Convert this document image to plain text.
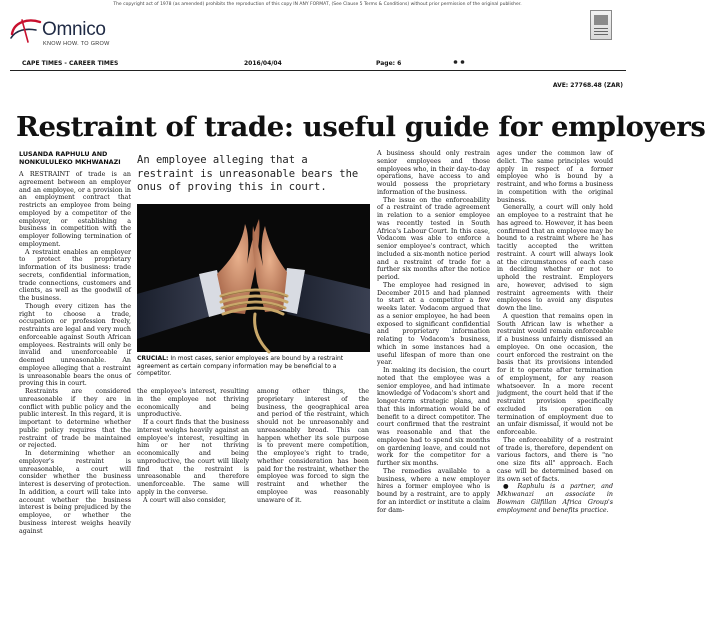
The copyright act of 1978 (as amended) prohibits the reproduction of this copy IN ANY FORMAT, (See Clause 5 Terms & Conditions) without prior permission of the original publisher.
Omnico
KNOW HOW. TO GROW
CAPE TIMES - CAREER TIMES	2016/04/04	Page: 6
AVE: 27768.48 (ZAR)
Restraint of trade: useful guide for employers
LUSANDA RAPHULU AND
NONKULULEKO MKHWANAZI

A RESTRAINT of trade is an agreement between an employer and an employee, or a provision in an employment contract that restricts an employee from being employed by a competitor of the employer, or establishing a business in competition with the employer following termination of employment.

A restraint enables an employer to protect the proprietary information of its business: trade secrets, confidential information, trade connections, customers and clients, as well as the goodwill of the business.

Though every citizen has the right to choose a trade, occupation or profession freely, restraints are legal and very much enforceable against South African employees. Restraints will only be invalid and unenforceable if deemed unreasonable. An employee alleging that a restraint is unreasonable bears the onus of proving this in court.

Restraints are considered unreasonable if they are in conflict with public policy and the public interest. In this regard, it is important to determine whether public policy requires that the restraint of trade be maintained or rejected.

In determining whether an employer's restraint is unreasonable, a court will consider whether the business interest is deserving of protection. In addition, a court will take into account whether the business interest is being prejudiced by the employee, or whether the business interest weighs heavily against

An employee alleging that a restraint is unreasonable bears the onus of proving this in court.
CRUCIAL: In most cases, senior employees are bound by a restraint agreement as certain company information may be beneficial to a competitor.

the employee's interest, resulting in the employee not thriving economically and being unproductive.

If a court finds that the business interest weighs heavily against an employee's interest, resulting in him or her not thriving economically and being unproductive, the court will likely find that the restraint is unreasonable and therefore unenforceable. The same will apply in the converse.

A court will also consider,

among other things, the proprietary interest of the business, the geographical area and period of the restraint, which should not be unreasonably and unreasonably broad. This can happen whether its sole purpose is to prevent mere competition, the employee's right to trade, whether consideration has been paid for the restraint, whether the employee was forced to sign the restraint and whether the employee was reasonably unaware of it.

A business should only restrain senior employees and those employees who, in their day-to-day operations, have access to and would possess the proprietary information of the business.

The issue on the enforceability of a restraint of trade agreement in relation to a senior employee was recently tested in South Africa's Labour Court. In this case, Vodacom was able to enforce a senior employee's contract, which included a six-month notice period and a restraint of trade for a further six months after the notice period.

The employee had resigned in December 2015 and had planned to start at a competitor a few weeks later. Vodacom argued that as a senior employee, he had been exposed to significant confidential and proprietary information relating to Vodacom's business, which in some instances had a useful lifespan of more than one year.

In making its decision, the court noted that the employee was a senior employee, and had intimate knowledge of Vodacom's short and longer-term strategic plans, and that this information would be of benefit to a direct competitor. The court confirmed that the restraint was reasonable and that the employee had to spend six months on gardening leave, and could not work for the competitor for a further six months.

The remedies available to a business, where a new employer hires a former employee who is bound by a restraint, are to apply for an interdict or institute a claim for dam-

ages under the common law of delict. The same principles would apply in respect of a former employee who is bound by a restraint, and who forms a business in competition with the original business.

Generally, a court will only hold an employee to a restraint that he has agreed to. However, it has been confirmed that an employee may be bound to a restraint where he has tacitly accepted the written restraint. A court will always look at the circumstances of each case in deciding whether or not to uphold the restraint. Employers are, however, advised to sign restraint agreements with their employees to avoid any disputes down the line.

A question that remains open in South African law is whether a restraint would remain enforceable if a business unfairly dismissed an employee. On one occasion, the court enforced the restraint on the basis that its provisions intended for it to operate after termination of employment, for any reason whatsoever. In a more recent judgment, the court held that if the restraint provision specifically excluded its operation on termination of employment due to an unfair dismissal, it would not be enforceable.

The enforceability of a restraint of trade is, therefore, dependent on various factors, and there is "no one size fits all" approach. Each case will be determined based on its own set of facts.

● Raphulu is a partner, and Mkhwanazi an associate in Bowman Gilfillan Africa Group's employment and benefits practice.
